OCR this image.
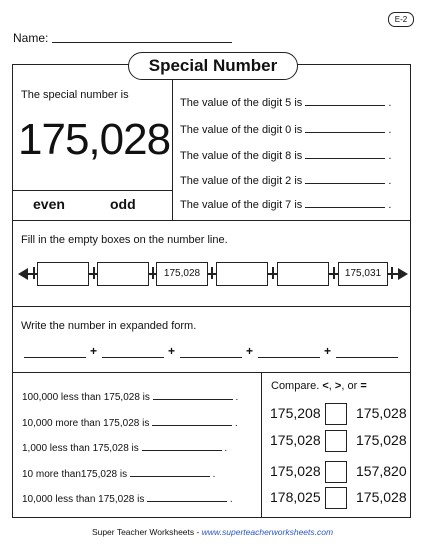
E-2
Name:
Special Number
The special number is
175,028
even	odd
The value of the digit 5 is	.
The value of the digit 0 is	.
The value of the digit 8 is	.
The value of the digit 2 is	.
The value of the digit 7 is	.
Fill in the empty boxes on the number line.
175,028	175,031
Write the number in expanded form.
+	+	+	+
100,000 less than 175,028 is	.
10,000 more than 175,028 is	.
1,000 less than 175,028 is	.
10 more than175,028 is	.
10,000 less than 175,028 is	.
Compare. <, >, or =
175,208	175,028
175,028	175,028
175,028	157,820
178,025	175,028
Super Teacher Worksheets - www.superteacherworksheets.com
